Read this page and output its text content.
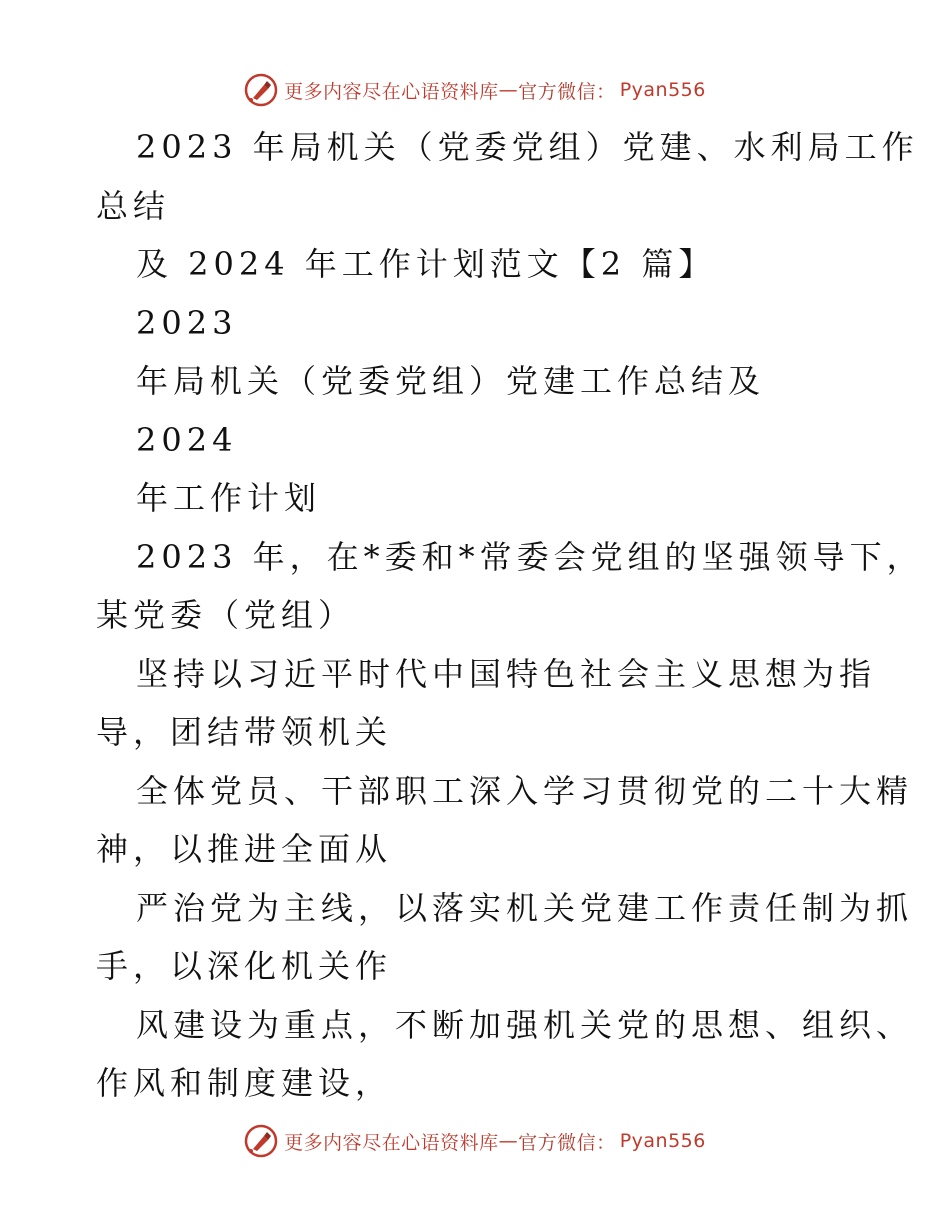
更多内容尽在心语资料库 — 官方微信： Pyan556
2023 年局机关（党委党组）党建、水利局工作
总结
及 2024 年工作计划范文【2 篇】
2023
年局机关（党委党组）党建工作总结及
2024
年工作计划
2023 年，在*委和*常委会党组的坚强领导下，
某党委（党组）
坚持以习近平时代中国特色社会主义思想为指
导，团结带领机关
全体党员、干部职工深入学习贯彻党的二十大精
神，以推进全面从
严治党为主线，以落实机关党建工作责任制为抓
手，以深化机关作
风建设为重点，不断加强机关党的思想、组织、
作风和制度建设，
更多内容尽在心语资料库 — 官方微信： Pyan556
